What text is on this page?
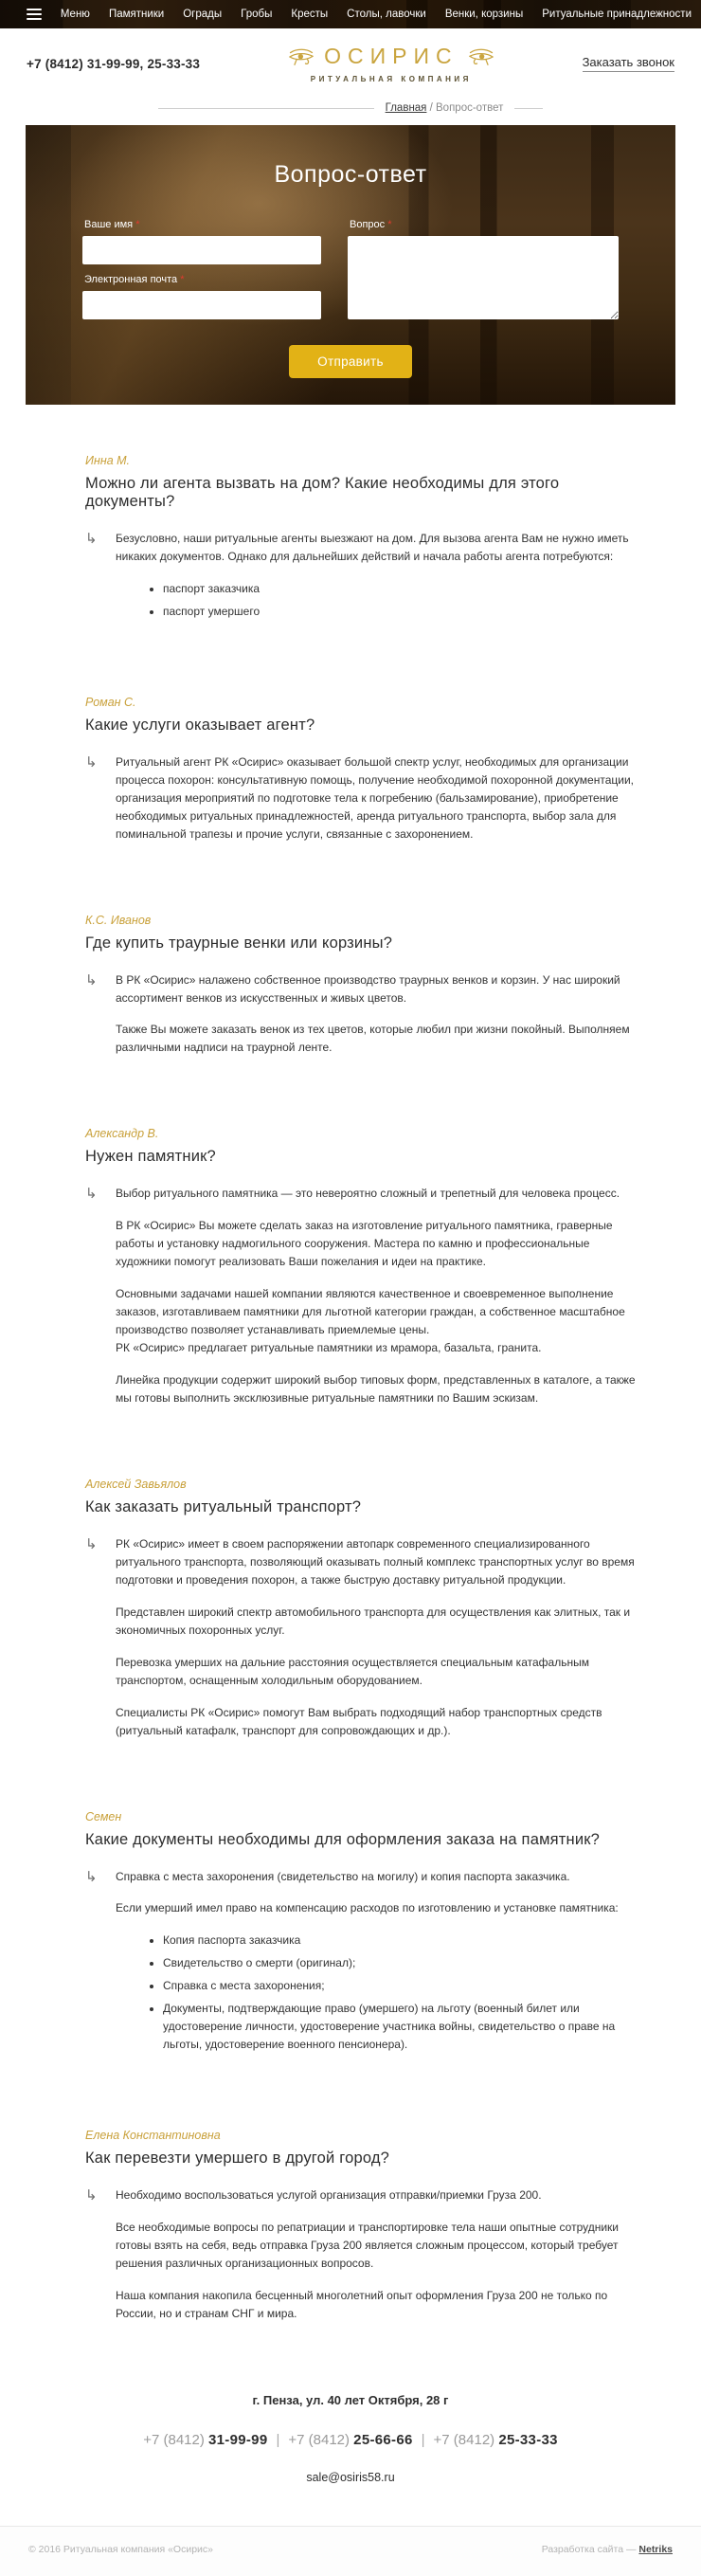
Меню Памятники Ограды Гробы Кресты Столы, лавочки Венки, корзины Ритуальные принадлежности
+7 (8412) 31-99-99, 25-33-33	ОСИРИС
РИТУАЛЬНАЯ КОМПАНИЯ
Заказать звонок
Главная / Вопрос-ответ
Вопрос-ответ
Ваше имя *
Электронная почта *
Вопрос *
Отправить
Инна М.
Можно ли агента вызвать на дом? Какие необходимы для этого документы?
↳	Безусловно, наши ритуальные агенты выезжают на дом. Для вызова агента Вам не нужно иметь никаких документов. Однако для дальнейших действий и начала работы агента потребуются:

• паспорт заказчика
• паспорт умершего
Роман С.
Какие услуги оказывает агент?
↳	Ритуальный агент РК «Осирис» оказывает большой спектр услуг, необходимых для организации процесса похорон: консультативную помощь, получение необходимой похоронной документации, организация мероприятий по подготовке тела к погребению (бальзамирование), приобретение необходимых ритуальных принадлежностей, аренда ритуального транспорта, выбор зала для поминальной трапезы и прочие услуги, связанные с захоронением.

К.С. Иванов
Где купить траурные венки или корзины?
↳	В РК «Осирис» налажено собственное производство траурных венков и корзин. У нас широкий ассортимент венков из искусственных и живых цветов.

Также Вы можете заказать венок из тех цветов, которые любил при жизни покойный. Выполняем различными надписи на траурной ленте.

Александр В.
Нужен памятник?
↳	Выбор ритуального памятника — это невероятно сложный и трепетный для человека процесс.

В РК «Осирис» Вы можете сделать заказ на изготовление ритуального памятника, граверные работы и установку надмогильного сооружения. Мастера по камню и профессиональные художники помогут реализовать Ваши пожелания и идеи на практике.

Основными задачами нашей компании являются качественное и своевременное выполнение заказов, изготавливаем памятники для льготной категории граждан, а собственное масштабное производство позволяет устанавливать приемлемые цены.
РК «Осирис» предлагает ритуальные памятники из мрамора, базальта, гранита.

Линейка продукции содержит широкий выбор типовых форм, представленных в каталоге, а также мы готовы выполнить эксклюзивные ритуальные памятники по Вашим эскизам.

Алексей Завьялов
Как заказать ритуальный транспорт?
↳	РК «Осирис» имеет в своем распоряжении автопарк современного специализированного ритуального транспорта, позволяющий оказывать полный комплекс транспортных услуг во время подготовки и проведения похорон, а также быструю доставку ритуальной продукции.

Представлен широкий спектр автомобильного транспорта для осуществления как элитных, так и экономичных похоронных услуг.

Перевозка умерших на дальние расстояния осуществляется специальным катафальным транспортом, оснащенным холодильным оборудованием.

Специалисты РК «Осирис» помогут Вам выбрать подходящий набор транспортных средств (ритуальный катафалк, транспорт для сопровождающих и др.).

Семен
Какие документы необходимы для оформления заказа на памятник?
↳	Справка с места захоронения (свидетельство на могилу) и копия паспорта заказчика.

Если умерший имел право на компенсацию расходов по изготовлению и установке памятника:

• Копия паспорта заказчика
• Свидетельство о смерти (оригинал);
• Справка с места захоронения;
• Документы, подтверждающие право (умершего) на льготу (военный билет или удостоверение личности, удостоверение участника войны, свидетельство о праве на льготы, удостоверение военного пенсионера).
Елена Константиновна
Как перевезти умершего в другой город?
↳	Необходимо воспользоваться услугой организация отправки/приемки Груза 200.

Все необходимые вопросы по репатриации и транспортировке тела наши опытные сотрудники готовы взять на себя, ведь отправка Груза 200 является сложным процессом, который требует решения различных организационных вопросов.

Наша компания накопила бесценный многолетний опыт оформления Груза 200 не только по России, но и странам СНГ и мира.

г. Пенза, ул. 40 лет Октября, 28 г
+7 (8412) 31-99-99 | +7 (8412) 25-66-66 | +7 (8412) 25-33-33
sale@osiris58.ru
© 2016 Ритуальная компания «Осирис»	Разработка сайта — Netriks
